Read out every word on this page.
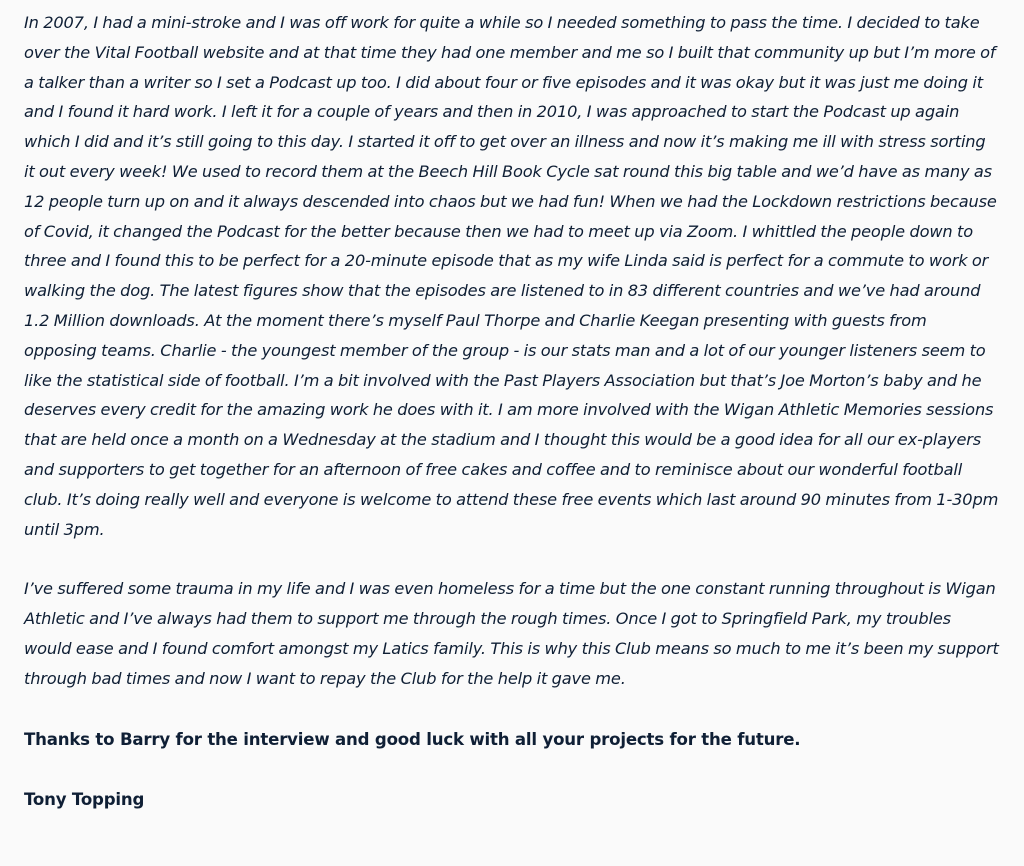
In 2007, I had a mini-stroke and I was off work for quite a while so I needed something to pass the time. I decided to take over the Vital Football website and at that time they had one member and me so I built that community up but I’m more of a talker than a writer so I set a Podcast up too. I did about four or five episodes and it was okay but it was just me doing it and I found it hard work. I left it for a couple of years and then in 2010, I was approached to start the Podcast up again which I did and it’s still going to this day. I started it off to get over an illness and now it’s making me ill with stress sorting it out every week! We used to record them at the Beech Hill Book Cycle sat round this big table and we’d have as many as 12 people turn up on and it always descended into chaos but we had fun! When we had the Lockdown restrictions because of Covid, it changed the Podcast for the better because then we had to meet up via Zoom. I whittled the people down to three and I found this to be perfect for a 20-minute episode that as my wife Linda said is perfect for a commute to work or walking the dog. The latest figures show that the episodes are listened to in 83 different countries and we’ve had around 1.2 Million downloads. At the moment there’s myself Paul Thorpe and Charlie Keegan presenting with guests from opposing teams. Charlie - the youngest member of the group - is our stats man and a lot of our younger listeners seem to like the statistical side of football. I’m a bit involved with the Past Players Association but that’s Joe Morton’s baby and he deserves every credit for the amazing work he does with it. I am more involved with the Wigan Athletic Memories sessions that are held once a month on a Wednesday at the stadium and I thought this would be a good idea for all our ex-players and supporters to get together for an afternoon of free cakes and coffee and to reminisce about our wonderful football club. It’s doing really well and everyone is welcome to attend these free events which last around 90 minutes from 1-30pm until 3pm.

I’ve suffered some trauma in my life and I was even homeless for a time but the one constant running throughout is Wigan Athletic and I’ve always had them to support me through the rough times. Once I got to Springfield Park, my troubles would ease and I found comfort amongst my Latics family. This is why this Club means so much to me it’s been my support through bad times and now I want to repay the Club for the help it gave me.

Thanks to Barry for the interview and good luck with all your projects for the future.

Tony Topping
